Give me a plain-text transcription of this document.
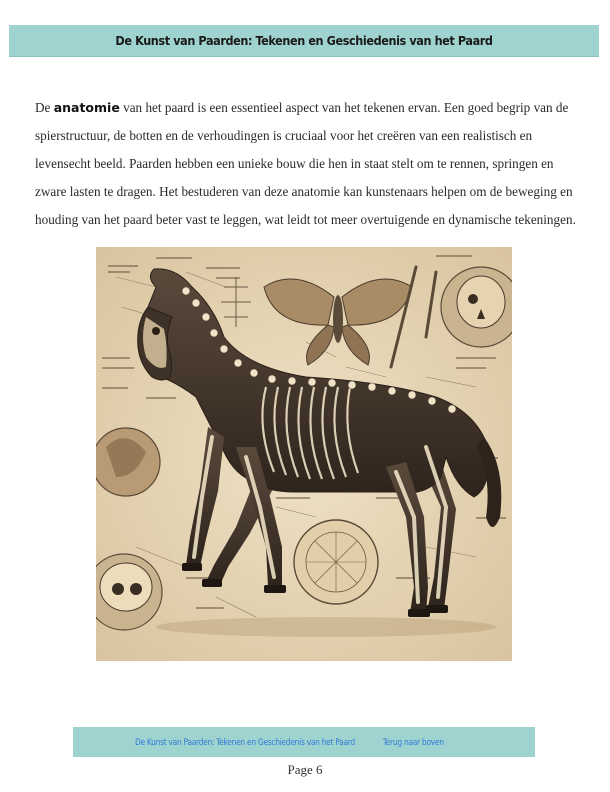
De Kunst van Paarden: Tekenen en Geschiedenis van het Paard
De anatomie van het paard is een essentieel aspect van het tekenen ervan. Een goed begrip van de spierstructuur, de botten en de verhoudingen is cruciaal voor het creëren van een realistisch en levensecht beeld. Paarden hebben een unieke bouw die hen in staat stelt om te rennen, springen en zware lasten te dragen. Het bestuderen van deze anatomie kan kunstenaars helpen om de beweging en houding van het paard beter vast te leggen, wat leidt tot meer overtuigende en dynamische tekeningen.
De Kunst van Paarden: Tekenen en Geschiedenis van het Paard	Terug naar boven
Page 6
